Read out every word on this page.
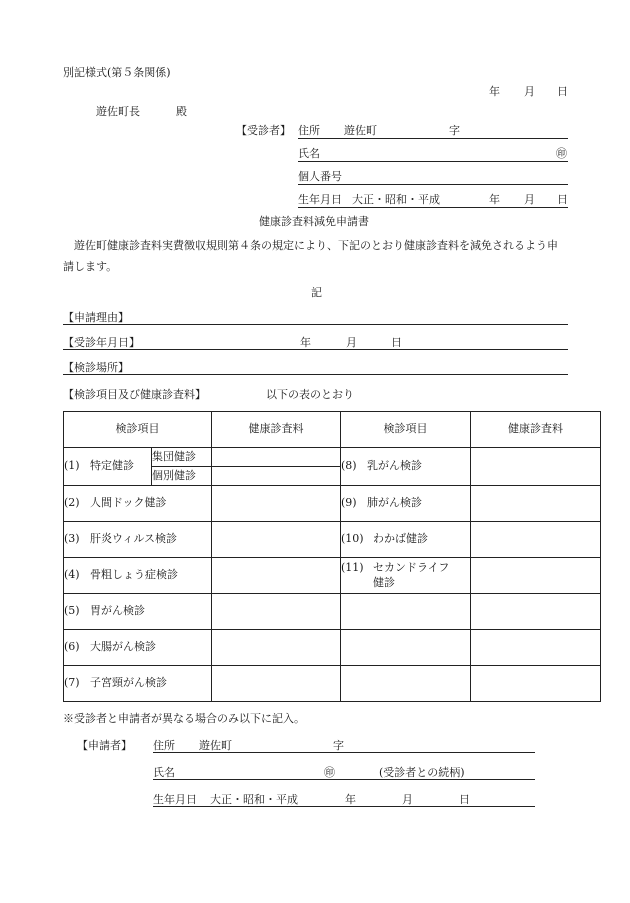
別記様式(第５条関係)
年 月 日
遊佐町長	殿
【受診者】 住所 遊佐町	字
氏名	㊞
個人番号
生年月日 大正・昭和・平成	年 月 日
健康診査料減免申請書
遊佐町健康診査料実費徴収規則第４条の規定により、下記のとおり健康診査料を減免されるよう申
請します。
記
【申請理由】
【受診年月日】	年	月	日
【検診場所】
【検診項目及び健康診査料】	以下の表のとおり
検診項目		健康診査料	検診項目	健康診査料
(1) 特定健診	集団健診		(8) 乳がん検診	
	個別健診			
(2) 人間ドック健診			(9) 肺がん検診	
(3) 肝炎ウィルス検診			(10) わかば健診	
(4) 骨粗しょう症検診			(11) セカンドライフ
健診	

(5) 胃がん検診				
(6) 大腸がん検診				
(7) 子宮頸がん検診				
※受診者と申請者が異なる場合のみ以下に記入。
【申請者】 住所 遊佐町	字
氏名	㊞	(受診者との続柄)
生年月日 大正・昭和・平成	年	月	日
